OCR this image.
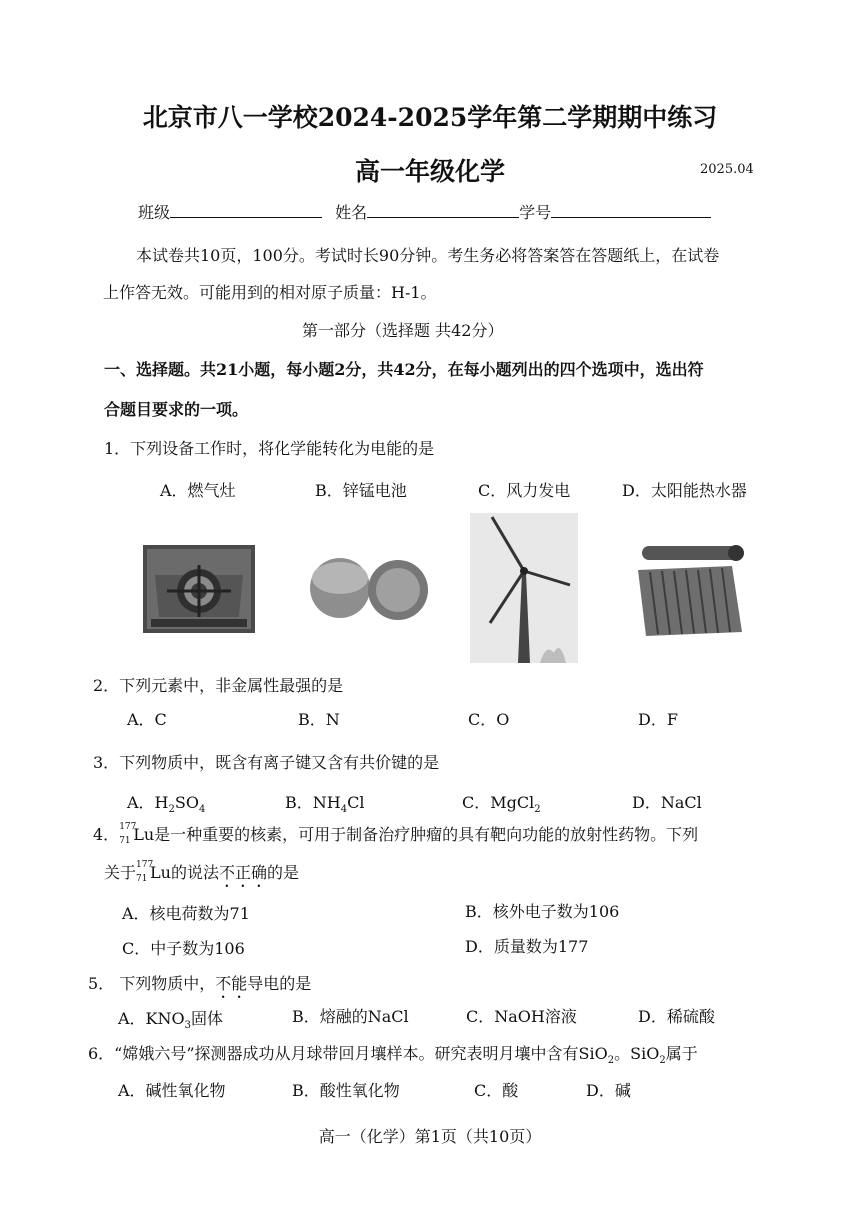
北京市八一学校2024-2025学年第二学期期中练习
高一年级化学	2025.04
班级	姓名	学号
本试卷共10页，100分。考试时长90分钟。考生务必将答案答在答题纸上，在试卷
上作答无效。可能用到的相对原子质量：H-1。
第一部分（选择题 共42分）
一、选择题。共21小题，每小题2分，共42分，在每小题列出的四个选项中，选出符
合题目要求的一项。
1．下列设备工作时，将化学能转化为电能的是
A．燃气灶	B．锌锰电池	C．风力发电	D．太阳能热水器
2．下列元素中，非金属性最强的是
A．C	B．N	C．O	D．F
3．下列物质中，既含有离子键又含有共价键的是
A．$H_2SO_4$	B．$NH_4Cl$	C．MgCl$_2$	D．NaCl
4． 177
71 Lu是一种重要的核素，可用于制备治疗肿瘤的具有靶向功能的放射性药物。下列
关于 177
71 Lu的说法不正确的是
A．核电荷数为71	B．核外电子数为106
C．中子数为106	D．质量数为177
5． 下列物质中，不能导电的是
A．$KNO_3$固体	B．熔融的NaCl	C．NaOH溶液	D．稀硫酸
6．“嫦娥六号”探测器成功从月球带回月壤样本。研究表明月壤中含有SiO$_2$。SiO$_2$属于
A．碱性氧化物	B．酸性氧化物	C．酸	D．碱
高一（化学）第1页（共10页）
